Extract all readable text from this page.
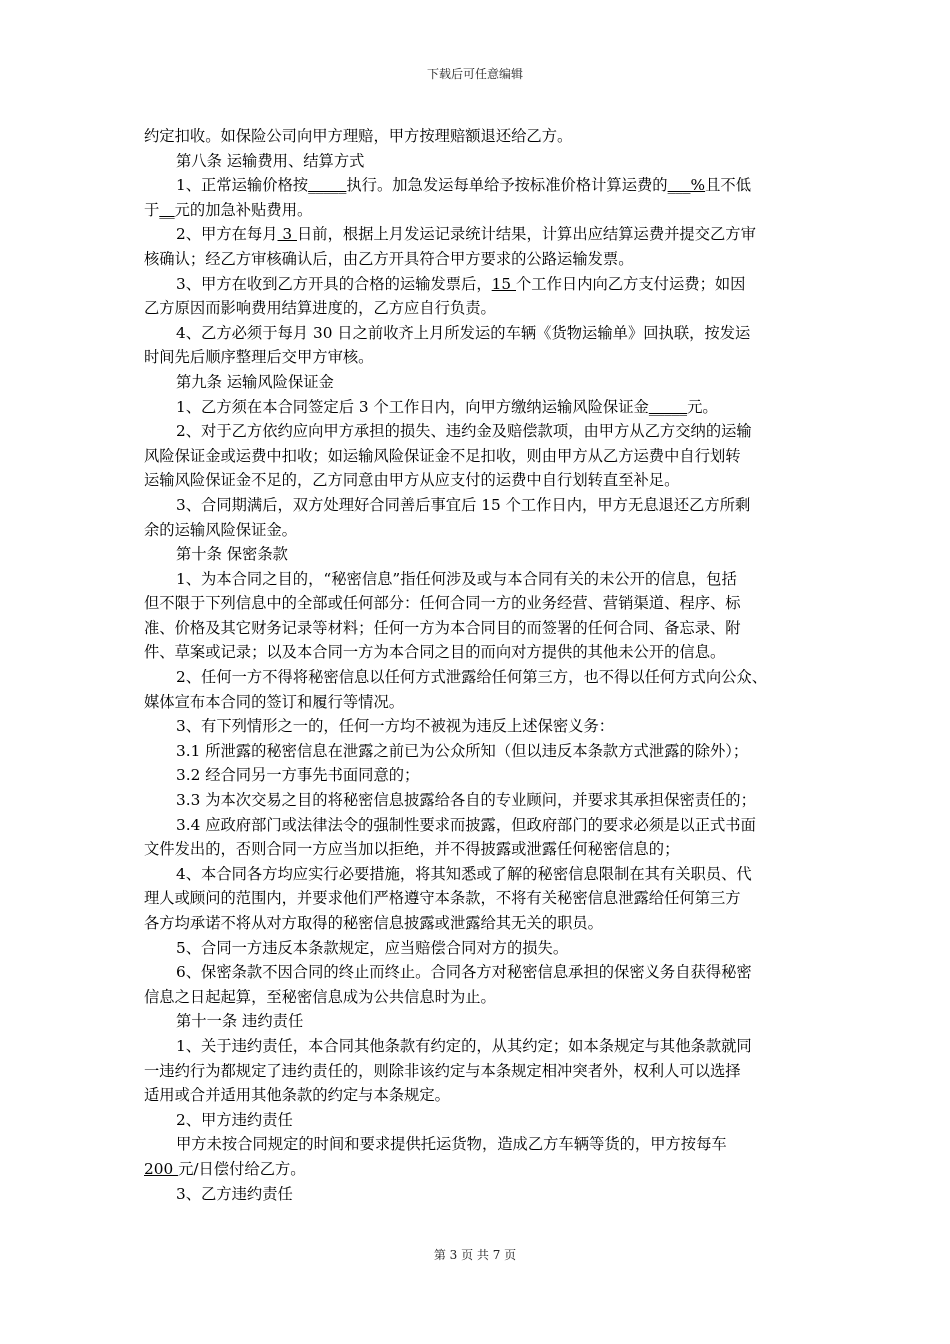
下载后可任意编辑

约定扣收。如保险公司向甲方理赔，甲方按理赔额退还给乙方。

第八条 运输费用、结算方式

1、正常运输价格按_____执行。加急发运每单给予按标准价格计算运费的___%且不低

于__元的加急补贴费用。

2、甲方在每月 3 日前，根据上月发运记录统计结果，计算出应结算运费并提交乙方审

核确认；经乙方审核确认后，由乙方开具符合甲方要求的公路运输发票。

3、甲方在收到乙方开具的合格的运输发票后，15 个工作日内向乙方支付运费；如因

乙方原因而影响费用结算进度的，乙方应自行负责。

4、乙方必须于每月 30 日之前收齐上月所发运的车辆《货物运输单》回执联，按发运

时间先后顺序整理后交甲方审核。

第九条 运输风险保证金

1、乙方须在本合同签定后 3 个工作日内，向甲方缴纳运输风险保证金_____元。

2、对于乙方依约应向甲方承担的损失、违约金及赔偿款项，由甲方从乙方交纳的运输

风险保证金或运费中扣收；如运输风险保证金不足扣收，则由甲方从乙方运费中自行划转

运输风险保证金不足的，乙方同意由甲方从应支付的运费中自行划转直至补足。

3、合同期满后，双方处理好合同善后事宜后 15 个工作日内，甲方无息退还乙方所剩

余的运输风险保证金。

第十条 保密条款

1、为本合同之目的，“秘密信息”指任何涉及或与本合同有关的未公开的信息，包括

但不限于下列信息中的全部或任何部分：任何合同一方的业务经营、营销渠道、程序、标

准、价格及其它财务记录等材料；任何一方为本合同目的而签署的任何合同、备忘录、附

件、草案或记录；以及本合同一方为本合同之目的而向对方提供的其他未公开的信息。

2、任何一方不得将秘密信息以任何方式泄露给任何第三方，也不得以任何方式向公众、

媒体宣布本合同的签订和履行等情况。

3、有下列情形之一的，任何一方均不被视为违反上述保密义务：

3.1 所泄露的秘密信息在泄露之前已为公众所知（但以违反本条款方式泄露的除外）；

3.2 经合同另一方事先书面同意的；

3.3 为本次交易之目的将秘密信息披露给各自的专业顾问，并要求其承担保密责任的；

3.4 应政府部门或法律法令的强制性要求而披露，但政府部门的要求必须是以正式书面

文件发出的，否则合同一方应当加以拒绝，并不得披露或泄露任何秘密信息的；

4、本合同各方均应实行必要措施，将其知悉或了解的秘密信息限制在其有关职员、代

理人或顾问的范围内，并要求他们严格遵守本条款，不将有关秘密信息泄露给任何第三方

各方均承诺不将从对方取得的秘密信息披露或泄露给其无关的职员。

5、合同一方违反本条款规定，应当赔偿合同对方的损失。

6、保密条款不因合同的终止而终止。合同各方对秘密信息承担的保密义务自获得秘密

信息之日起起算，至秘密信息成为公共信息时为止。

第十一条 违约责任

1、关于违约责任，本合同其他条款有约定的，从其约定；如本条规定与其他条款就同

一违约行为都规定了违约责任的，则除非该约定与本条规定相冲突者外，权利人可以选择

适用或合并适用其他条款的约定与本条规定。

2、甲方违约责任

甲方未按合同规定的时间和要求提供托运货物，造成乙方车辆等货的，甲方按每车

200 元/日偿付给乙方。

3、乙方违约责任

第 3 页 共 7 页
